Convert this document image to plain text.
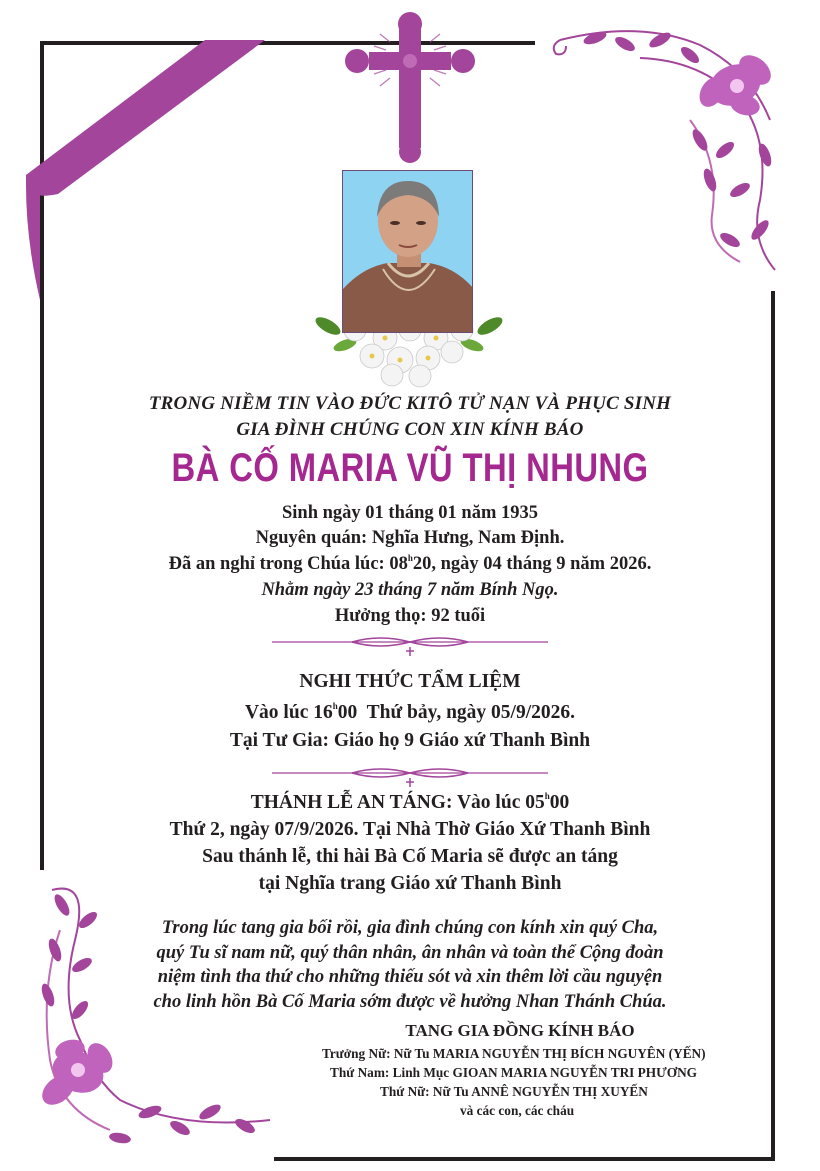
TRONG NIỀM TIN VÀO ĐỨC KITÔ TỬ NẠN VÀ PHỤC SINH
GIA ĐÌNH CHÚNG CON XIN KÍNH BÁO
BÀ CỐ MARIA VŨ THỊ NHUNG
Sinh ngày 01 tháng 01 năm 1935
Nguyên quán: Nghĩa Hưng, Nam Định.
Đã an nghỉ trong Chúa lúc: 08$^h$20, ngày 04 tháng 9 năm 2026.
Nhằm ngày 23 tháng 7 năm Bính Ngọ.
Hưởng thọ: 92 tuổi
NGHI THỨC TẨM LIỆM
Vào lúc 16$^h$00  Thứ bảy, ngày 05/9/2026.
Tại Tư Gia: Giáo họ 9 Giáo xứ Thanh Bình
THÁNH LỄ AN TÁNG: Vào lúc 05$^h$00
Thứ 2, ngày 07/9/2026. Tại Nhà Thờ Giáo Xứ Thanh Bình
Sau thánh lễ, thi hài Bà Cố Maria sẽ được an táng
tại Nghĩa trang Giáo xứ Thanh Bình
Trong lúc tang gia bối rồi, gia đình chúng con kính xin quý Cha,
quý Tu sĩ nam nữ, quý thân nhân, ân nhân và toàn thể Cộng đoàn
niệm tình tha thứ cho những thiếu sót và xin thêm lời cầu nguyện
cho linh hồn Bà Cố Maria sớm được về hưởng Nhan Thánh Chúa.
TANG GIA ĐỒNG KÍNH BÁO
Trưởng Nữ: Nữ Tu MARIA NGUYỄN THỊ BÍCH NGUYÊN (YẾN)
Thứ Nam: Linh Mục GIOAN MARIA NGUYỄN TRI PHƯƠNG
Thứ Nữ: Nữ Tu ANNÊ NGUYỄN THỊ XUYẾN
và các con, các cháu
